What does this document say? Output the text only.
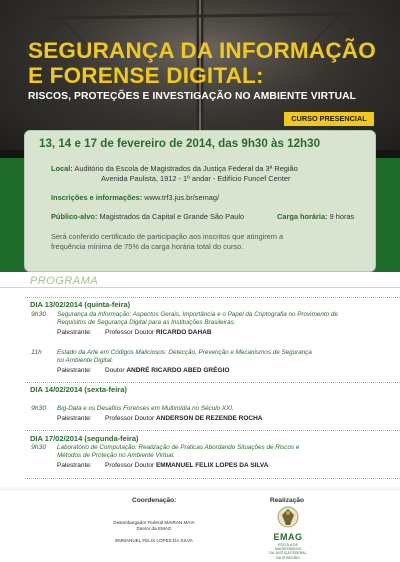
SEGURANÇA DA INFORMAÇÃO
E FORENSE DIGITAL:
RISCOS, PROTEÇÕES E INVESTIGAÇÃO NO AMBIENTE VIRTUAL
13, 14 e 17 de fevereiro de 2014, das 9h30 às 12h30
Local: Auditório da Escola de Magistrados da Justiça Federal da 3ª Região
Avenida Paulista, 1912 - 1º andar - Edifício Funcef Center
Inscrições e informações: www.trf3.jus.br/semag/
Público-alvo: Magistrados da Capital e Grande São Paulo	Carga horária: 9 horas
Será conferido certificado de participação aos inscritos que atingirem a
frequência mínima de 75% da carga horária total do curso.
CURSO PRESENCIAL
PROGRAMA
DIA 13/02/2014 (quinta-feira)
9h30 Segurança da Informação: Aspectos Gerais, Importância e o Papel da Criptografia no Provimento de
Requisitos de Segurança Digital para as Instituições Brasileiras.
Palestrante: Professor Doutor RICARDO DAHAB
11h Estado da Arte em Códigos Maliciosos: Detecção, Prevenção e Mecanismos de Segurança
no Ambiente Digital.
Palestrante: Doutor ANDRÉ RICARDO ABED GRÉGIO
DIA 14/02/2014 (sexta-feira)
9h30 Big-Data e os Desafios Forenses em Multimídia no Século XXI.
Palestrante: Professor Doutor ANDERSON DE REZENDE ROCHA
DIA 17/02/2014 (segunda-feira)
9h30 Laboratório de Computação: Realização de Práticas Abordando Situações de Riscos e
Métodos de Proteção no Ambiente Virtual.
Palestrante: Professor Doutor EMMANUEL FELIX LOPES DA SILVA
Coordenação:
Desembargador Federal MAIRAN MAIA
Diretor da EMAG
EMMANUEL FELIX LOPES DA SILVA
Realização
EMAG
ESCOLA DE MAGISTRADOS
DA JUSTIÇA FEDERAL
DA 3ª REGIÃO
